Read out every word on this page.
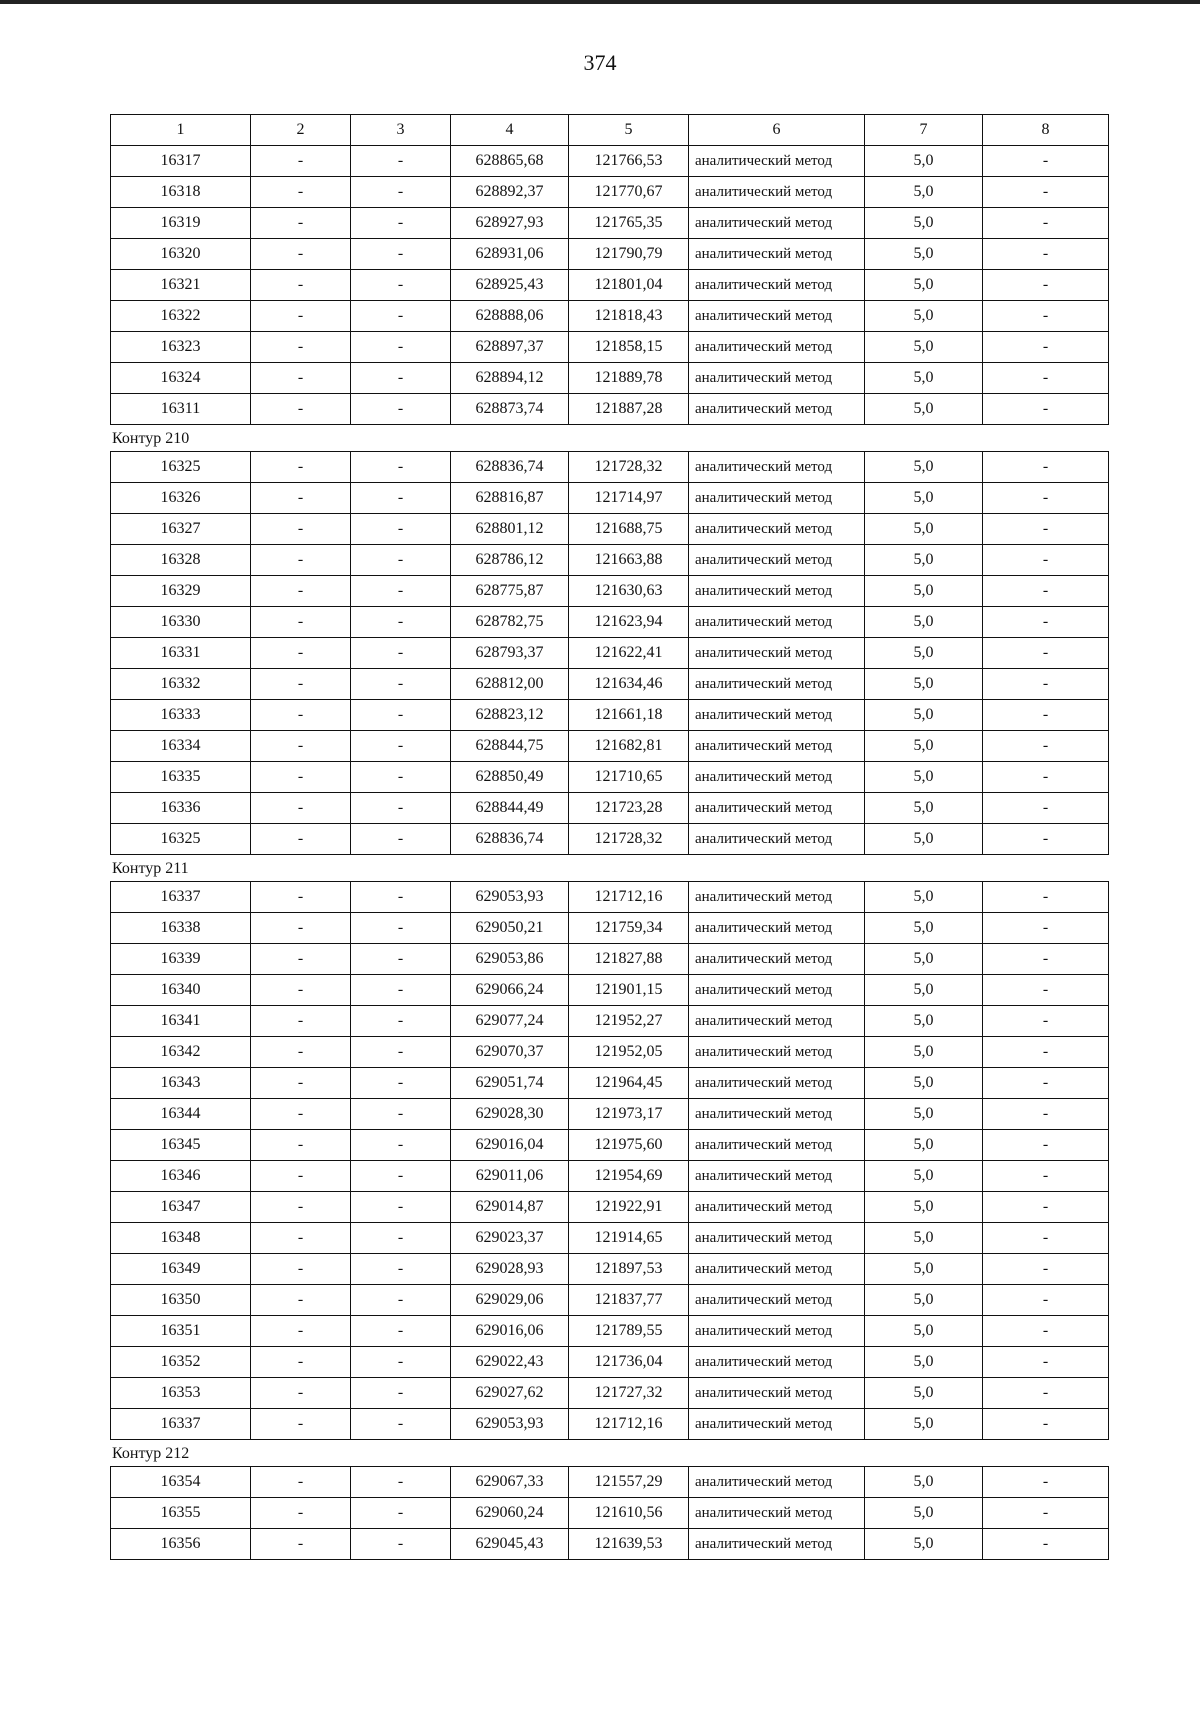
374
1	2	3	4	5	6	7	8
16317	-	-	628865,68	121766,53	аналитический метод	5,0	-
16318	-	-	628892,37	121770,67	аналитический метод	5,0	-
16319	-	-	628927,93	121765,35	аналитический метод	5,0	-
16320	-	-	628931,06	121790,79	аналитический метод	5,0	-
16321	-	-	628925,43	121801,04	аналитический метод	5,0	-
16322	-	-	628888,06	121818,43	аналитический метод	5,0	-
16323	-	-	628897,37	121858,15	аналитический метод	5,0	-
16324	-	-	628894,12	121889,78	аналитический метод	5,0	-
16311	-	-	628873,74	121887,28	аналитический метод	5,0	-
Контур 210
16325	-	-	628836,74	121728,32	аналитический метод	5,0	-
16326	-	-	628816,87	121714,97	аналитический метод	5,0	-
16327	-	-	628801,12	121688,75	аналитический метод	5,0	-
16328	-	-	628786,12	121663,88	аналитический метод	5,0	-
16329	-	-	628775,87	121630,63	аналитический метод	5,0	-
16330	-	-	628782,75	121623,94	аналитический метод	5,0	-
16331	-	-	628793,37	121622,41	аналитический метод	5,0	-
16332	-	-	628812,00	121634,46	аналитический метод	5,0	-
16333	-	-	628823,12	121661,18	аналитический метод	5,0	-
16334	-	-	628844,75	121682,81	аналитический метод	5,0	-
16335	-	-	628850,49	121710,65	аналитический метод	5,0	-
16336	-	-	628844,49	121723,28	аналитический метод	5,0	-
16325	-	-	628836,74	121728,32	аналитический метод	5,0	-
Контур 211
16337	-	-	629053,93	121712,16	аналитический метод	5,0	-
16338	-	-	629050,21	121759,34	аналитический метод	5,0	-
16339	-	-	629053,86	121827,88	аналитический метод	5,0	-
16340	-	-	629066,24	121901,15	аналитический метод	5,0	-
16341	-	-	629077,24	121952,27	аналитический метод	5,0	-
16342	-	-	629070,37	121952,05	аналитический метод	5,0	-
16343	-	-	629051,74	121964,45	аналитический метод	5,0	-
16344	-	-	629028,30	121973,17	аналитический метод	5,0	-
16345	-	-	629016,04	121975,60	аналитический метод	5,0	-
16346	-	-	629011,06	121954,69	аналитический метод	5,0	-
16347	-	-	629014,87	121922,91	аналитический метод	5,0	-
16348	-	-	629023,37	121914,65	аналитический метод	5,0	-
16349	-	-	629028,93	121897,53	аналитический метод	5,0	-
16350	-	-	629029,06	121837,77	аналитический метод	5,0	-
16351	-	-	629016,06	121789,55	аналитический метод	5,0	-
16352	-	-	629022,43	121736,04	аналитический метод	5,0	-
16353	-	-	629027,62	121727,32	аналитический метод	5,0	-
16337	-	-	629053,93	121712,16	аналитический метод	5,0	-
Контур 212
16354	-	-	629067,33	121557,29	аналитический метод	5,0	-
16355	-	-	629060,24	121610,56	аналитический метод	5,0	-
16356	-	-	629045,43	121639,53	аналитический метод	5,0	-
